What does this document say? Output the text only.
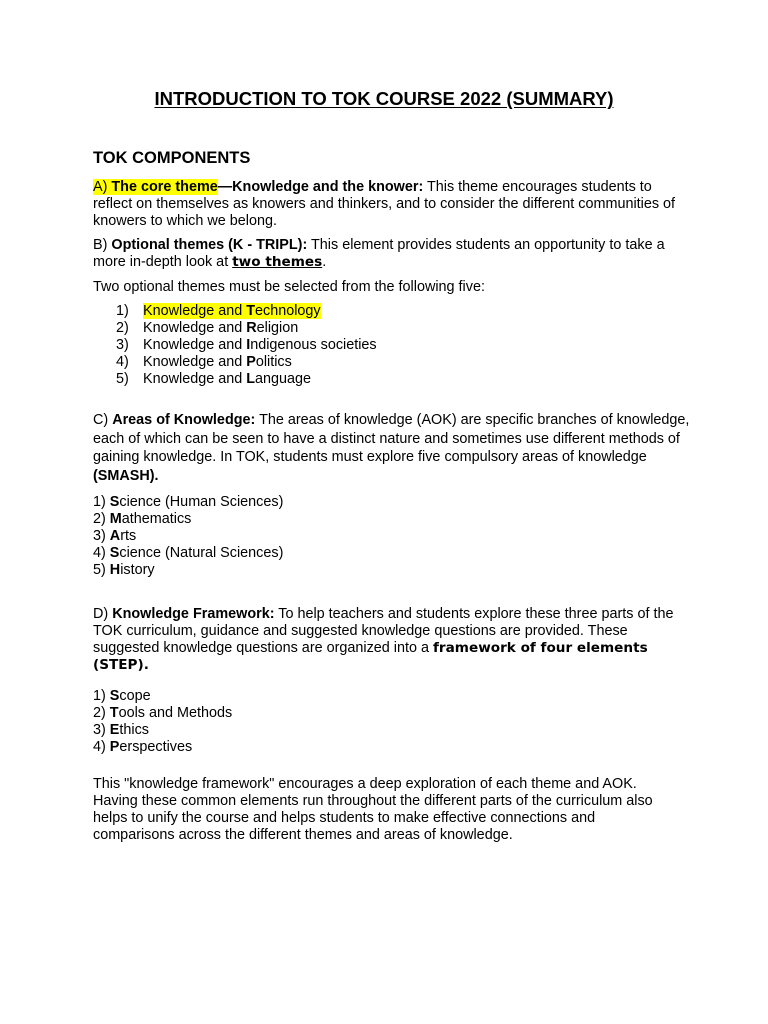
INTRODUCTION TO TOK COURSE 2022 (SUMMARY)
TOK COMPONENTS

A) The core theme—Knowledge and the knower: This theme encourages students to reflect on themselves as knowers and thinkers, and to consider the different communities of knowers to which we belong.

B) Optional themes (K - TRIPL): This element provides students an opportunity to take a more in-depth look at two themes.

Two optional themes must be selected from the following five:

1) Knowledge and Technology
2) Knowledge and Religion
3) Knowledge and Indigenous societies
4) Knowledge and Politics
5) Knowledge and Language

C) Areas of Knowledge: The areas of knowledge (AOK) are specific branches of knowledge, each of which can be seen to have a distinct nature and sometimes use different methods of gaining knowledge. In TOK, students must explore five compulsory areas of knowledge (SMASH).

1) Science (Human Sciences)
2) Mathematics
3) Arts
4) Science (Natural Sciences)
5) History

D) Knowledge Framework: To help teachers and students explore these three parts of the TOK curriculum, guidance and suggested knowledge questions are provided. These suggested knowledge questions are organized into a framework of four elements (STEP).

1) Scope
2) Tools and Methods
3) Ethics
4) Perspectives

This "knowledge framework" encourages a deep exploration of each theme and AOK. Having these common elements run throughout the different parts of the curriculum also helps to unify the course and helps students to make effective connections and comparisons across the different themes and areas of knowledge.
